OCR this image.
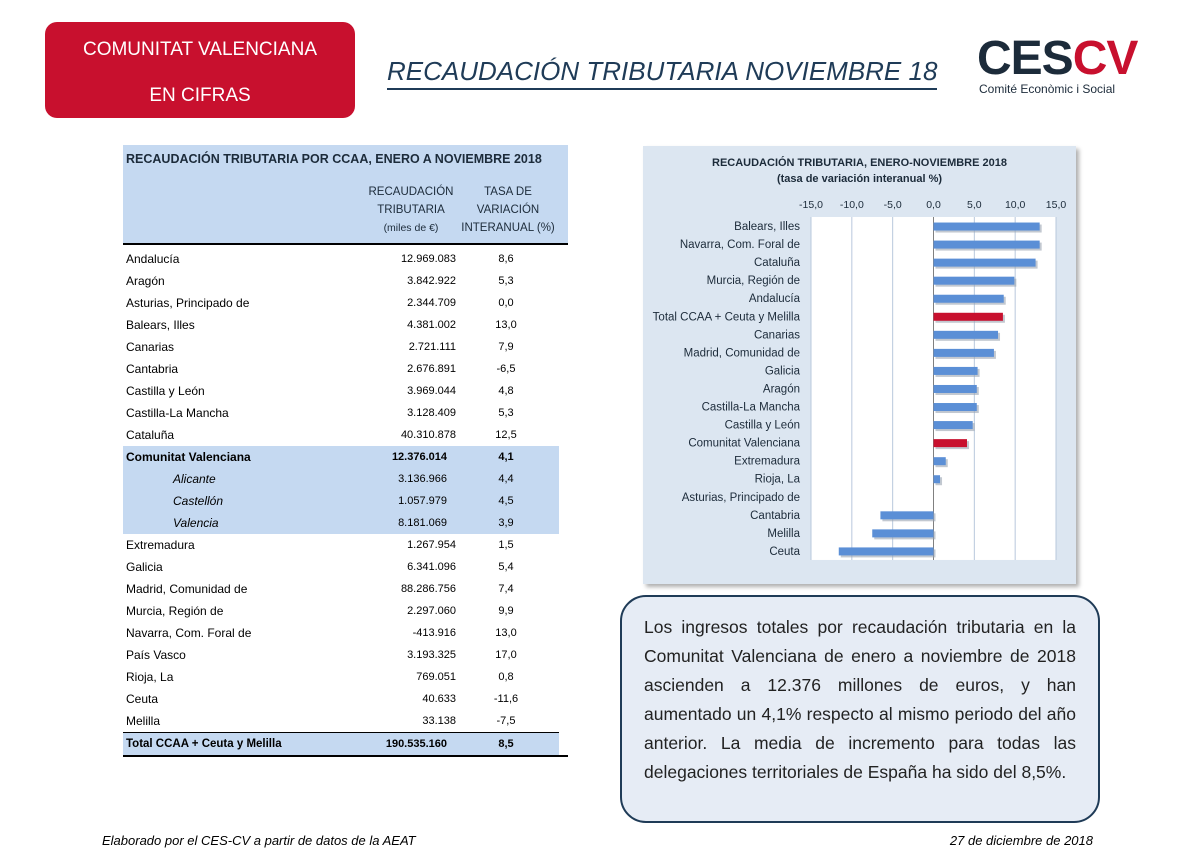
COMUNITAT VALENCIANA
EN CIFRAS
RECAUDACIÓN TRIBUTARIA NOVIEMBRE 18 CESCV
Comité Econòmic i Social
RECAUDACIÓN TRIBUTARIA POR CCAA, ENERO A NOVIEMBRE 2018
RECAUDACIÓN
TRIBUTARIA
(miles de €)
TASA DE
VARIACIÓN
INTERANUAL (%)
Andalucía	12.969.083	8,6
Aragón	3.842.922	5,3
Asturias, Principado de	2.344.709	0,0
Balears, Illes	4.381.002	13,0
Canarias	2.721.111	7,9
Cantabria	2.676.891	-6,5
Castilla y León	3.969.044	4,8
Castilla-La Mancha	3.128.409	5,3
Cataluña	40.310.878	12,5
Comunitat Valenciana	12.376.014	4,1
Alicante	3.136.966	4,4
Castellón	1.057.979	4,5
Valencia	8.181.069	3,9
Extremadura	1.267.954	1,5
Galicia	6.341.096	5,4
Madrid, Comunidad de	88.286.756	7,4
Murcia, Región de	2.297.060	9,9
Navarra, Com. Foral de	-413.916	13,0
País Vasco	3.193.325	17,0
Rioja, La	769.051	0,8
Ceuta	40.633	-11,6
Melilla	33.138	-7,5
Total CCAA + Ceuta y Melilla	190.535.160	8,5
RECAUDACIÓN TRIBUTARIA, ENERO-NOVIEMBRE 2018
(tasa de variación interanual %)
-15,0 -10,0 -5,0 0,0 5,0 10,0 15,0
Balears, Illes
Navarra, Com. Foral de
Cataluña
Murcia, Región de
Andalucía
Total CCAA + Ceuta y Melilla
Canarias
Madrid, Comunidad de
Galicia
Aragón
Castilla-La Mancha
Castilla y León
Comunitat Valenciana
Extremadura
Rioja, La
Asturias, Principado de
Cantabria
Melilla
Ceuta

Los ingresos totales por recaudación tributaria en la Comunitat Valenciana de enero a noviembre de 2018 ascienden a 12.376 millones de euros, y han aumentado un 4,1% respecto al mismo periodo del año anterior. La media de incremento para todas las delegaciones territoriales de España ha sido del 8,5%.

Elaborado por el CES-CV a partir de datos de la AEAT	27 de diciembre de 2018
